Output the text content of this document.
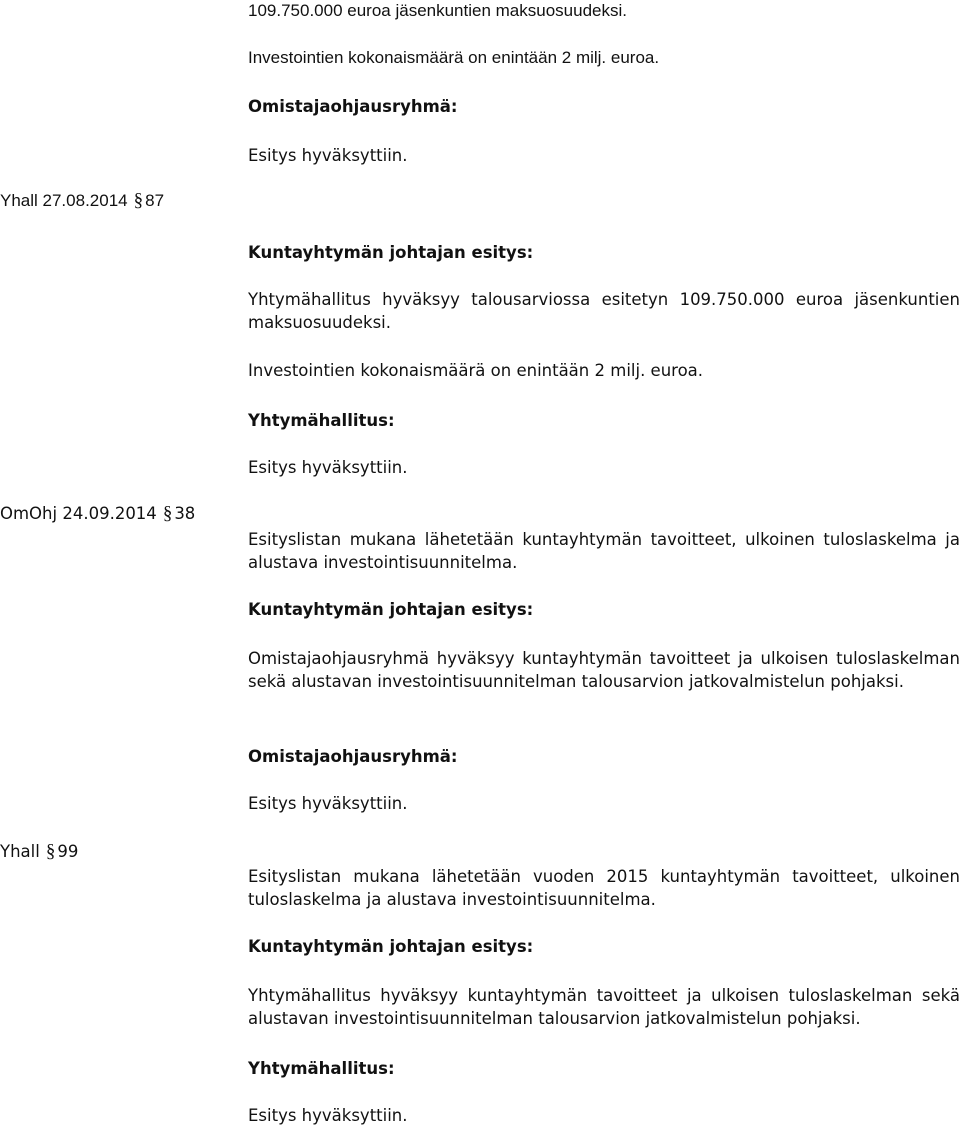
109.750.000 euroa jäsenkuntien maksuosuudeksi.

Investointien kokonaismäärä on enintään 2 milj. euroa.

Omistajaohjausryhmä:

Esitys hyväksyttiin.

Yhall 27.08.2014 § 87

Kuntayhtymän johtajan esitys:

Yhtymähallitus hyväksyy talousarviossa esitetyn 109.750.000 euroa jäsenkuntien maksuosuudeksi.

Investointien kokonaismäärä on enintään 2 milj. euroa.

Yhtymähallitus:

Esitys hyväksyttiin.

OmOhj 24.09.2014 § 38

Esityslistan mukana lähetetään kuntayhtymän tavoitteet, ulkoinen tuloslaskelma ja alustava investointisuunnitelma.

Kuntayhtymän johtajan esitys:

Omistajaohjausryhmä hyväksyy kuntayhtymän tavoitteet ja ulkoisen tuloslaskelman sekä alustavan investointisuunnitelman talousarvion jatkovalmistelun pohjaksi.

Omistajaohjausryhmä:

Esitys hyväksyttiin.

Yhall § 99

Esityslistan mukana lähetetään vuoden 2015 kuntayhtymän tavoitteet, ulkoinen tuloslaskelma ja alustava investointisuunnitelma.

Kuntayhtymän johtajan esitys:

Yhtymähallitus hyväksyy kuntayhtymän tavoitteet ja ulkoisen tuloslaskelman sekä alustavan investointisuunnitelman talousarvion jatkovalmistelun pohjaksi.

Yhtymähallitus:

Esitys hyväksyttiin.
